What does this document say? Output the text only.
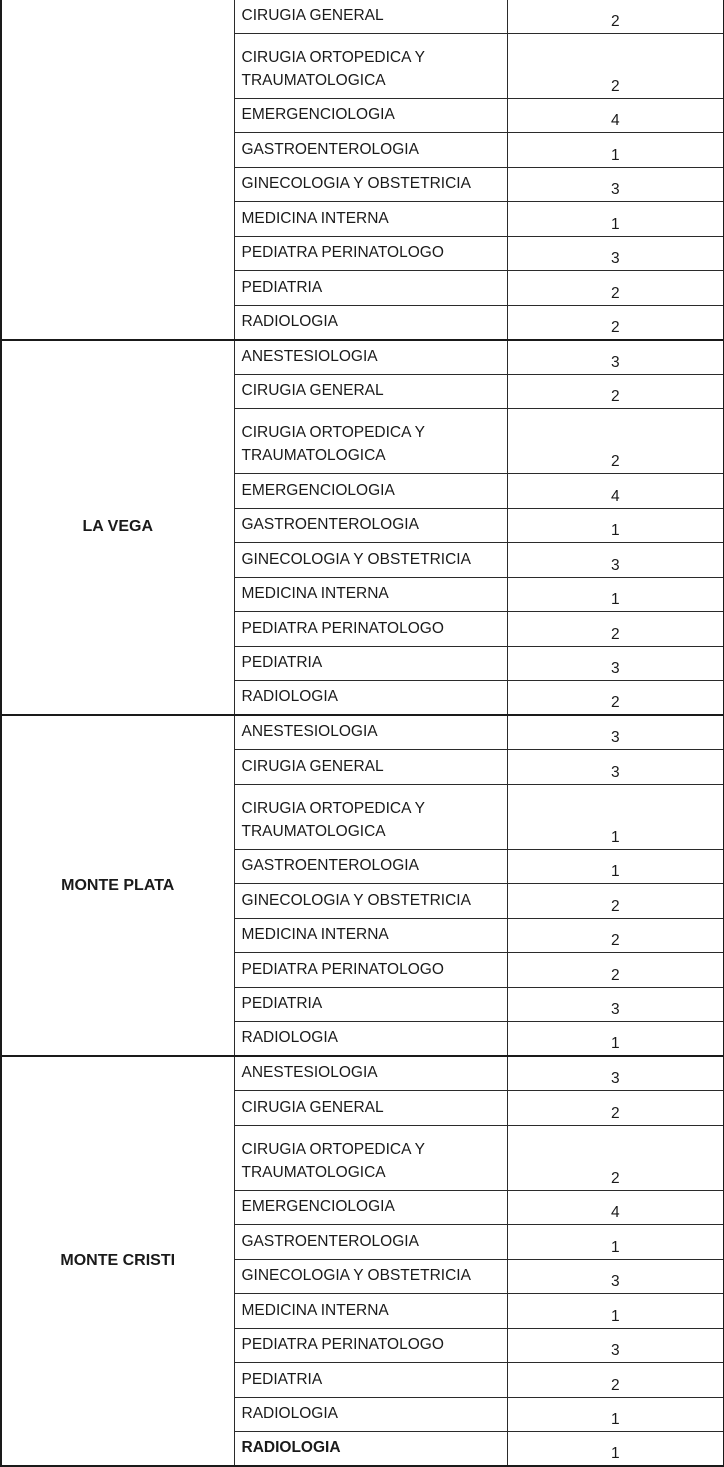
	CIRUGIA GENERAL	2
	CIRUGIA ORTOPEDICA Y
TRAUMATOLOGICA	2
	EMERGENCIOLOGIA	4
	GASTROENTEROLOGIA	1
	GINECOLOGIA Y OBSTETRICIA	3
	MEDICINA INTERNA	1
	PEDIATRA PERINATOLOGO	3
	PEDIATRIA	2
	RADIOLOGIA	2
LA VEGA	ANESTESIOLOGIA	3
	CIRUGIA GENERAL	2
	CIRUGIA ORTOPEDICA Y
TRAUMATOLOGICA	2
	EMERGENCIOLOGIA	4
	GASTROENTEROLOGIA	1
	GINECOLOGIA Y OBSTETRICIA	3
	MEDICINA INTERNA	1
	PEDIATRA PERINATOLOGO	2
	PEDIATRIA	3
	RADIOLOGIA	2
MONTE PLATA	ANESTESIOLOGIA	3
	CIRUGIA GENERAL	3
	CIRUGIA ORTOPEDICA Y
TRAUMATOLOGICA	1
	GASTROENTEROLOGIA	1
	GINECOLOGIA Y OBSTETRICIA	2
	MEDICINA INTERNA	2
	PEDIATRA PERINATOLOGO	2
	PEDIATRIA	3
	RADIOLOGIA	1
MONTE CRISTI	ANESTESIOLOGIA	3
	CIRUGIA GENERAL	2
	CIRUGIA ORTOPEDICA Y
TRAUMATOLOGICA	2
	EMERGENCIOLOGIA	4
	GASTROENTEROLOGIA	1
	GINECOLOGIA Y OBSTETRICIA	3
	MEDICINA INTERNA	1
	PEDIATRA PERINATOLOGO	3
	PEDIATRIA	2
	RADIOLOGIA	1
	RADIOLOGIA	1
